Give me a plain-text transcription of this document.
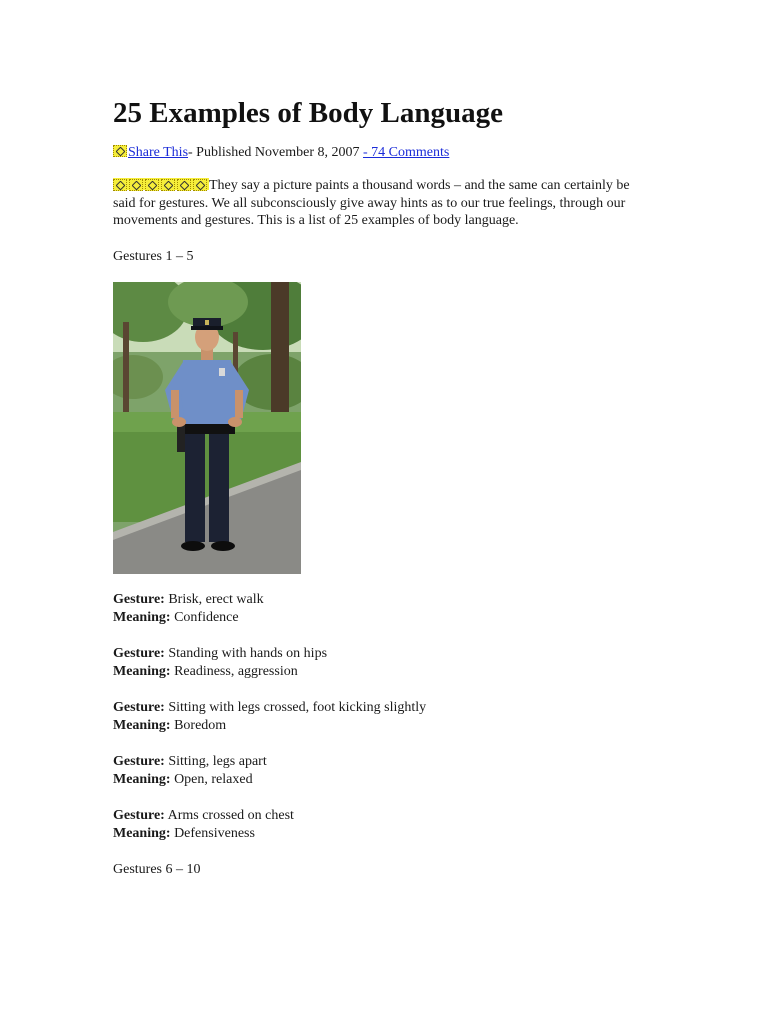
25 Examples of Body Language
Share This- Published November 8, 2007 - 74 Comments
They say a picture paints a thousand words – and the same can certainly be said for gestures. We all subconsciously give away hints as to our true feelings, through our movements and gestures. This is a list of 25 examples of body language.
Gestures 1 – 5
Gesture: Brisk, erect walk
Meaning: Confidence
Gesture: Standing with hands on hips
Meaning: Readiness, aggression
Gesture: Sitting with legs crossed, foot kicking slightly
Meaning: Boredom
Gesture: Sitting, legs apart
Meaning: Open, relaxed
Gesture: Arms crossed on chest
Meaning: Defensiveness
Gestures 6 – 10
